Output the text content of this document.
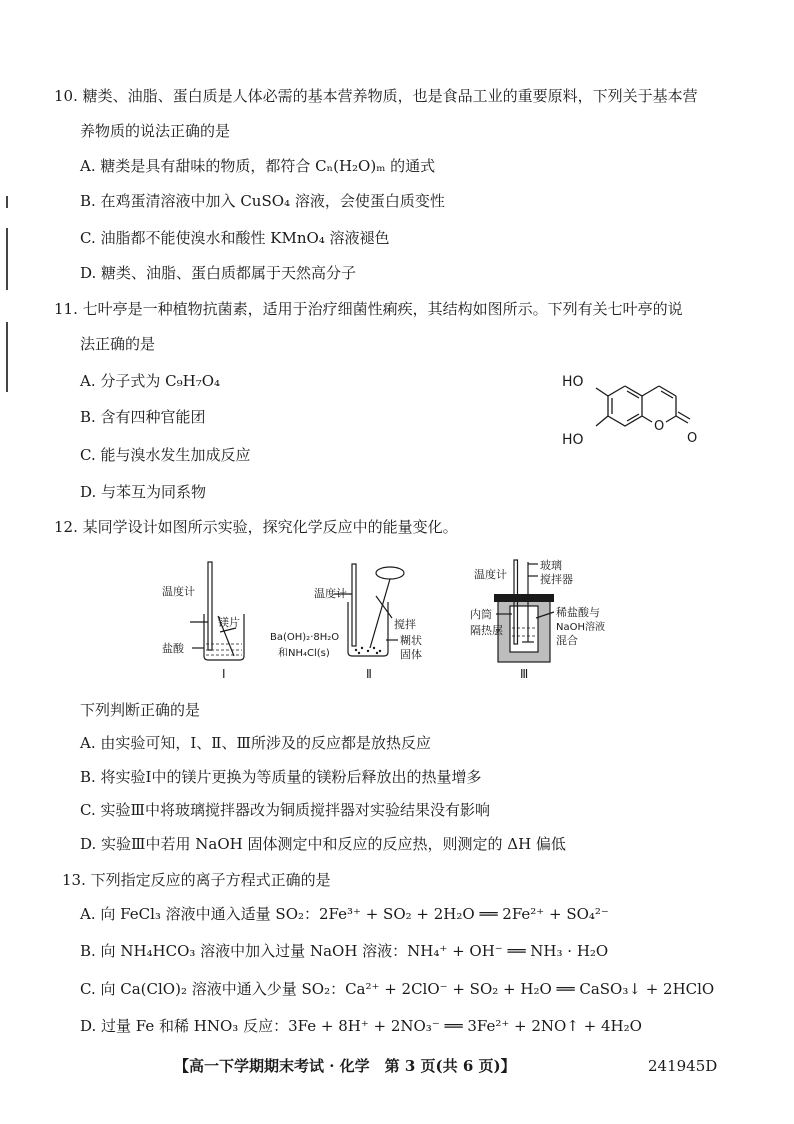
10. 糖类、油脂、蛋白质是人体必需的基本营养物质，也是食品工业的重要原料，下列关于基本营
养物质的说法正确的是
A. 糖类是具有甜味的物质，都符合 Cₙ(H₂O)ₘ 的通式
B. 在鸡蛋清溶液中加入 CuSO₄ 溶液，会使蛋白质变性
C. 油脂都不能使溴水和酸性 KMnO₄ 溶液褪色
D. 糖类、油脂、蛋白质都属于天然高分子
11. 七叶亭是一种植物抗菌素，适用于治疗细菌性痢疾，其结构如图所示。下列有关七叶亭的说
法正确的是
A. 分子式为 C₉H₇O₄
B. 含有四种官能团
C. 能与溴水发生加成反应
D. 与苯互为同系物
HO
HO
O
O
12. 某同学设计如图所示实验，探究化学反应中的能量变化。
温度计
镁片
盐酸
Ⅰ
温度计
搅拌
Ba(OH)₂·8H₂O
和NH₄Cl(s)
糊状
固体
Ⅱ
温度计
玻璃
搅拌器
内筒
隔热层
稀盐酸与
NaOH溶液
混合
Ⅲ
下列判断正确的是
A. 由实验可知，Ⅰ、Ⅱ、Ⅲ所涉及的反应都是放热反应
B. 将实验Ⅰ中的镁片更换为等质量的镁粉后释放出的热量增多
C. 实验Ⅲ中将玻璃搅拌器改为铜质搅拌器对实验结果没有影响
D. 实验Ⅲ中若用 NaOH 固体测定中和反应的反应热，则测定的 ΔH 偏低
13. 下列指定反应的离子方程式正确的是
A. 向 FeCl₃ 溶液中通入适量 SO₂：2Fe³⁺ + SO₂ + 2H₂O ══ 2Fe²⁺ + SO₄²⁻
B. 向 NH₄HCO₃ 溶液中加入过量 NaOH 溶液：NH₄⁺ + OH⁻ ══ NH₃ · H₂O
C. 向 Ca(ClO)₂ 溶液中通入少量 SO₂：Ca²⁺ + 2ClO⁻ + SO₂ + H₂O ══ CaSO₃↓ + 2HClO
D. 过量 Fe 和稀 HNO₃ 反应：3Fe + 8H⁺ + 2NO₃⁻ ══ 3Fe²⁺ + 2NO↑ + 4H₂O
【高一下学期期末考试 · 化学　第 3 页(共 6 页)】	241945D
